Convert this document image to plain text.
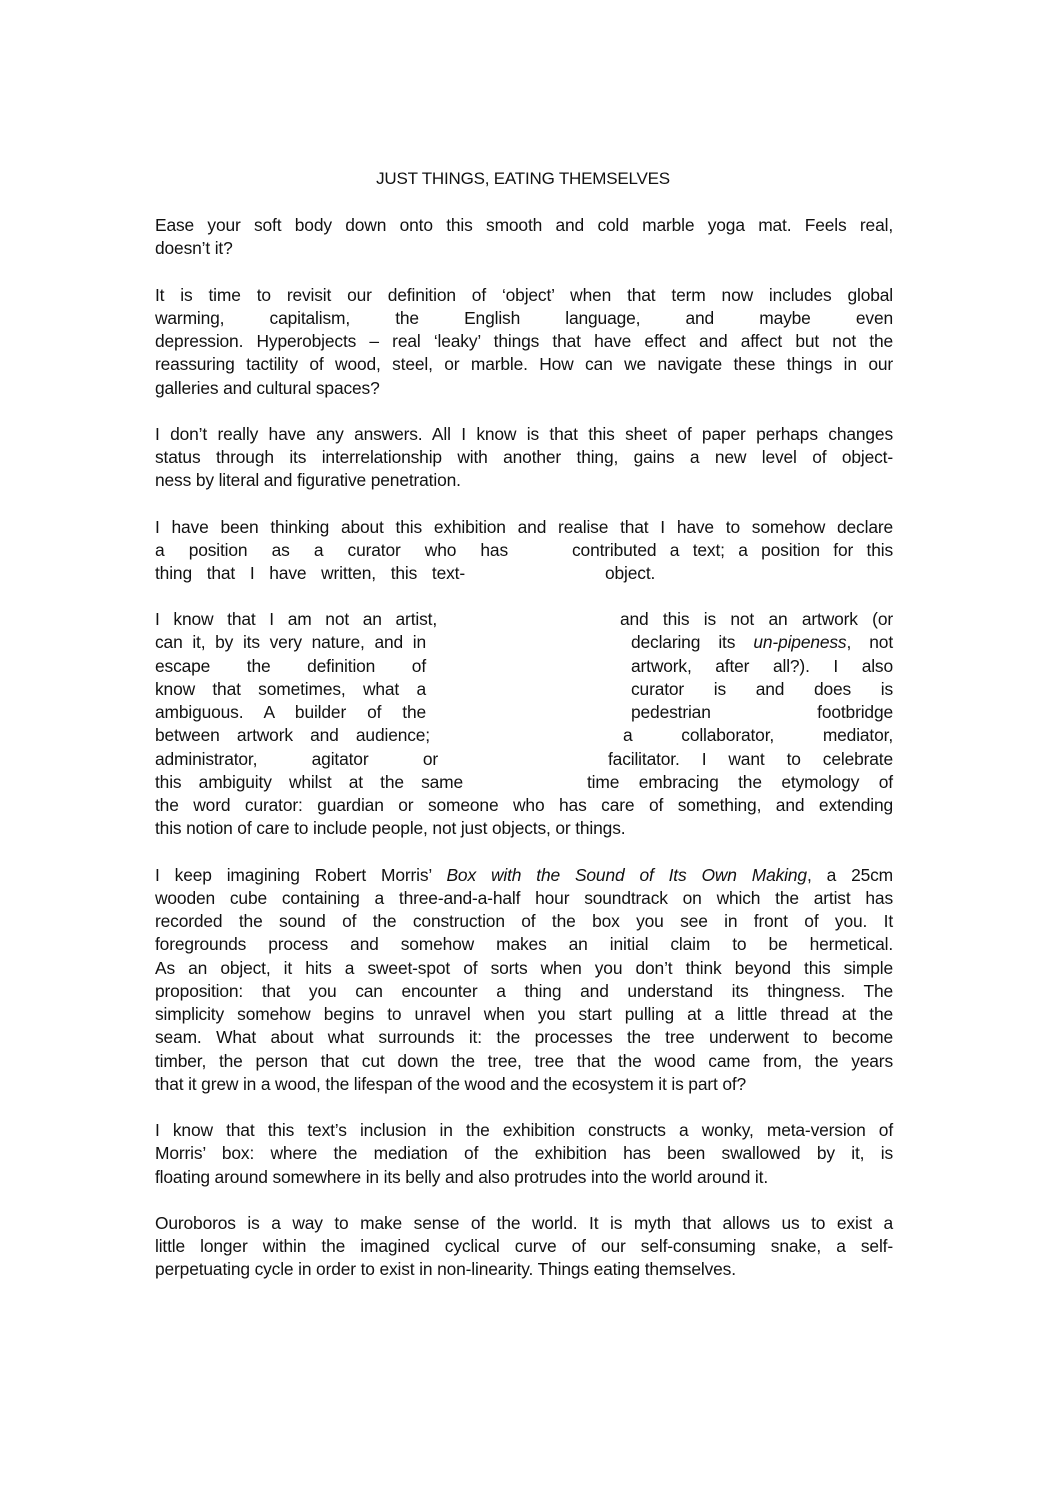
JUST THINGS, EATING THEMSELVES
Ease your soft body down onto this smooth and cold marble yoga mat. Feels real,
doesn’t it?
It is time to revisit our definition of ‘object’ when that term now includes global
warming, capitalism, the English language, and maybe even
depression. Hyperobjects – real ‘leaky’ things that have effect and affect but not the
reassuring tactility of wood, steel, or marble. How can we navigate these things in our
galleries and cultural spaces?
I don’t really have any answers. All I know is that this sheet of paper perhaps changes
status through its interrelationship with another thing, gains a new level of object-
ness by literal and figurative penetration.
I have been thinking about this exhibition and realise that I have to somehow declare
a position as a curator who has	contributed a text; a position for this
thing that I have written, this text-	object.
I know that I am not an artist,	and this is not an artwork (or
can it, by its very nature, and in	declaring its un-pipeness, not
escape the definition of	artwork, after all?). I also
know that sometimes, what a	curator is and does is
ambiguous. A builder of the	pedestrian footbridge
between artwork and audience;	a collaborator, mediator,
administrator, agitator or	facilitator. I want to celebrate
this ambiguity whilst at the same	time embracing the etymology of
the word curator: guardian or someone who has care of something, and extending
this notion of care to include people, not just objects, or things.
I keep imagining Robert Morris’ Box with the Sound of Its Own Making, a 25cm
wooden cube containing a three-and-a-half hour soundtrack on which the artist has
recorded the sound of the construction of the box you see in front of you. It
foregrounds process and somehow makes an initial claim to be hermetical.
As an object, it hits a sweet-spot of sorts when you don’t think beyond this simple
proposition: that you can encounter a thing and understand its thingness. The
simplicity somehow begins to unravel when you start pulling at a little thread at the
seam. What about what surrounds it: the processes the tree underwent to become
timber, the person that cut down the tree, tree that the wood came from, the years
that it grew in a wood, the lifespan of the wood and the ecosystem it is part of?
I know that this text’s inclusion in the exhibition constructs a wonky, meta-version of
Morris’ box: where the mediation of the exhibition has been swallowed by it, is
floating around somewhere in its belly and also protrudes into the world around it.
Ouroboros is a way to make sense of the world. It is myth that allows us to exist a
little longer within the imagined cyclical curve of our self-consuming snake, a self-
perpetuating cycle in order to exist in non-linearity. Things eating themselves.
